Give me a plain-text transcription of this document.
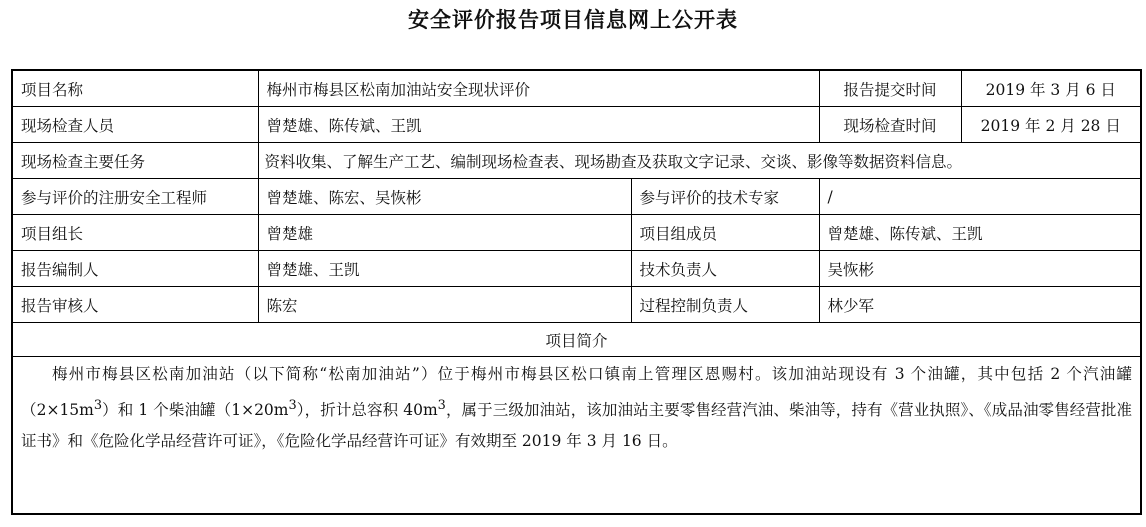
安全评价报告项目信息网上公开表
项目名称	梅州市梅县区松南加油站安全现状评价		报告提交时间	2019 年 3 月 6 日
现场检查人员	曾楚雄、陈传斌、王凯		现场检查时间	2019 年 2 月 28 日
现场检查主要任务	资料收集、了解生产工艺、编制现场检查表、现场勘查及获取文字记录、交谈、影像等数据资料信息。			
参与评价的注册安全工程师	曾楚雄、陈宏、吴恢彬	参与评价的技术专家	/	
项目组长	曾楚雄	项目组成员	曾楚雄、陈传斌、王凯	
报告编制人	曾楚雄、王凯	技术负责人	吴恢彬	
报告审核人	陈宏	过程控制负责人	林少军	
项目简介				
梅州市梅县区松南加油站（以下简称“松南加油站”）位于梅州市梅县区松口镇南上管理区恩赐村。该加油站现设有 3 个油罐，其中包括 2 个汽油罐$(2\times 15m^3)$和 1 个柴油罐$(1\times 20m^3)$，折计总容积 $40m^3$，属于三级加油站，该加油站主要零售经营汽油、柴油等，持有《营业执照》、《成品油零售经营批准证书》和《危险化学品经营许可证》，《危险化学品经营许可证》有效期至 2019 年 3 月 16 日。				
